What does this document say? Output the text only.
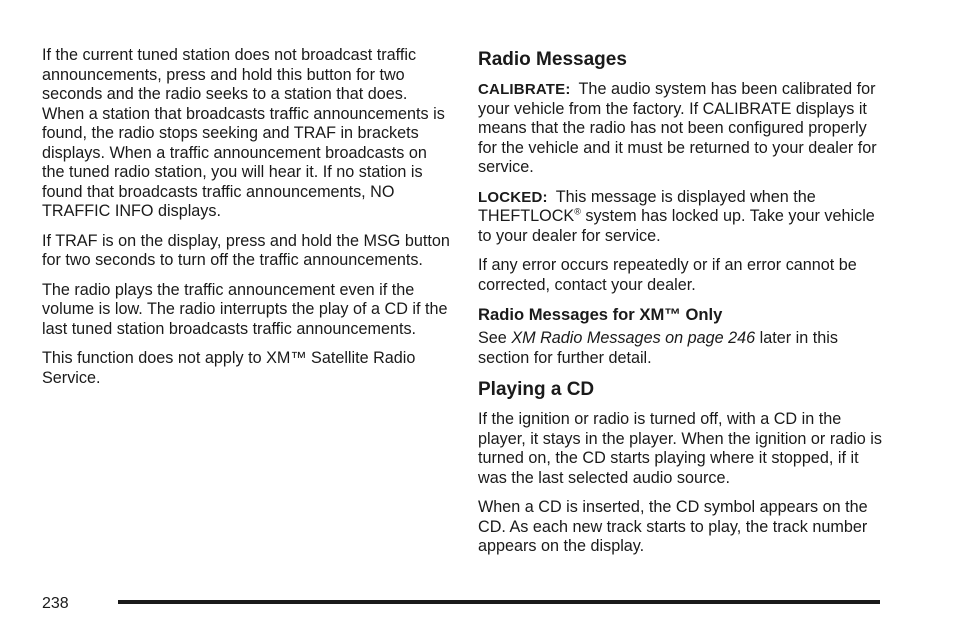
If the current tuned station does not broadcast traffic announcements, press and hold this button for two seconds and the radio seeks to a station that does. When a station that broadcasts traffic announcements is found, the radio stops seeking and TRAF in brackets displays. When a traffic announcement broadcasts on the tuned radio station, you will hear it. If no station is found that broadcasts traffic announcements, NO TRAFFIC INFO displays.

If TRAF is on the display, press and hold the MSG button for two seconds to turn off the traffic announcements.

The radio plays the traffic announcement even if the volume is low. The radio interrupts the play of a CD if the last tuned station broadcasts traffic announcements.

This function does not apply to XM™ Satellite Radio Service.

Radio Messages

CALIBRATE: The audio system has been calibrated for your vehicle from the factory. If CALIBRATE displays it means that the radio has not been configured properly for the vehicle and it must be returned to your dealer for service.

LOCKED: This message is displayed when the THEFTLOCK® system has locked up. Take your vehicle to your dealer for service.

If any error occurs repeatedly or if an error cannot be corrected, contact your dealer.

Radio Messages for XM™ Only

See XM Radio Messages on page 246 later in this section for further detail.

Playing a CD

If the ignition or radio is turned off, with a CD in the player, it stays in the player. When the ignition or radio is turned on, the CD starts playing where it stopped, if it was the last selected audio source.

When a CD is inserted, the CD symbol appears on the CD. As each new track starts to play, the track number appears on the display.

238
